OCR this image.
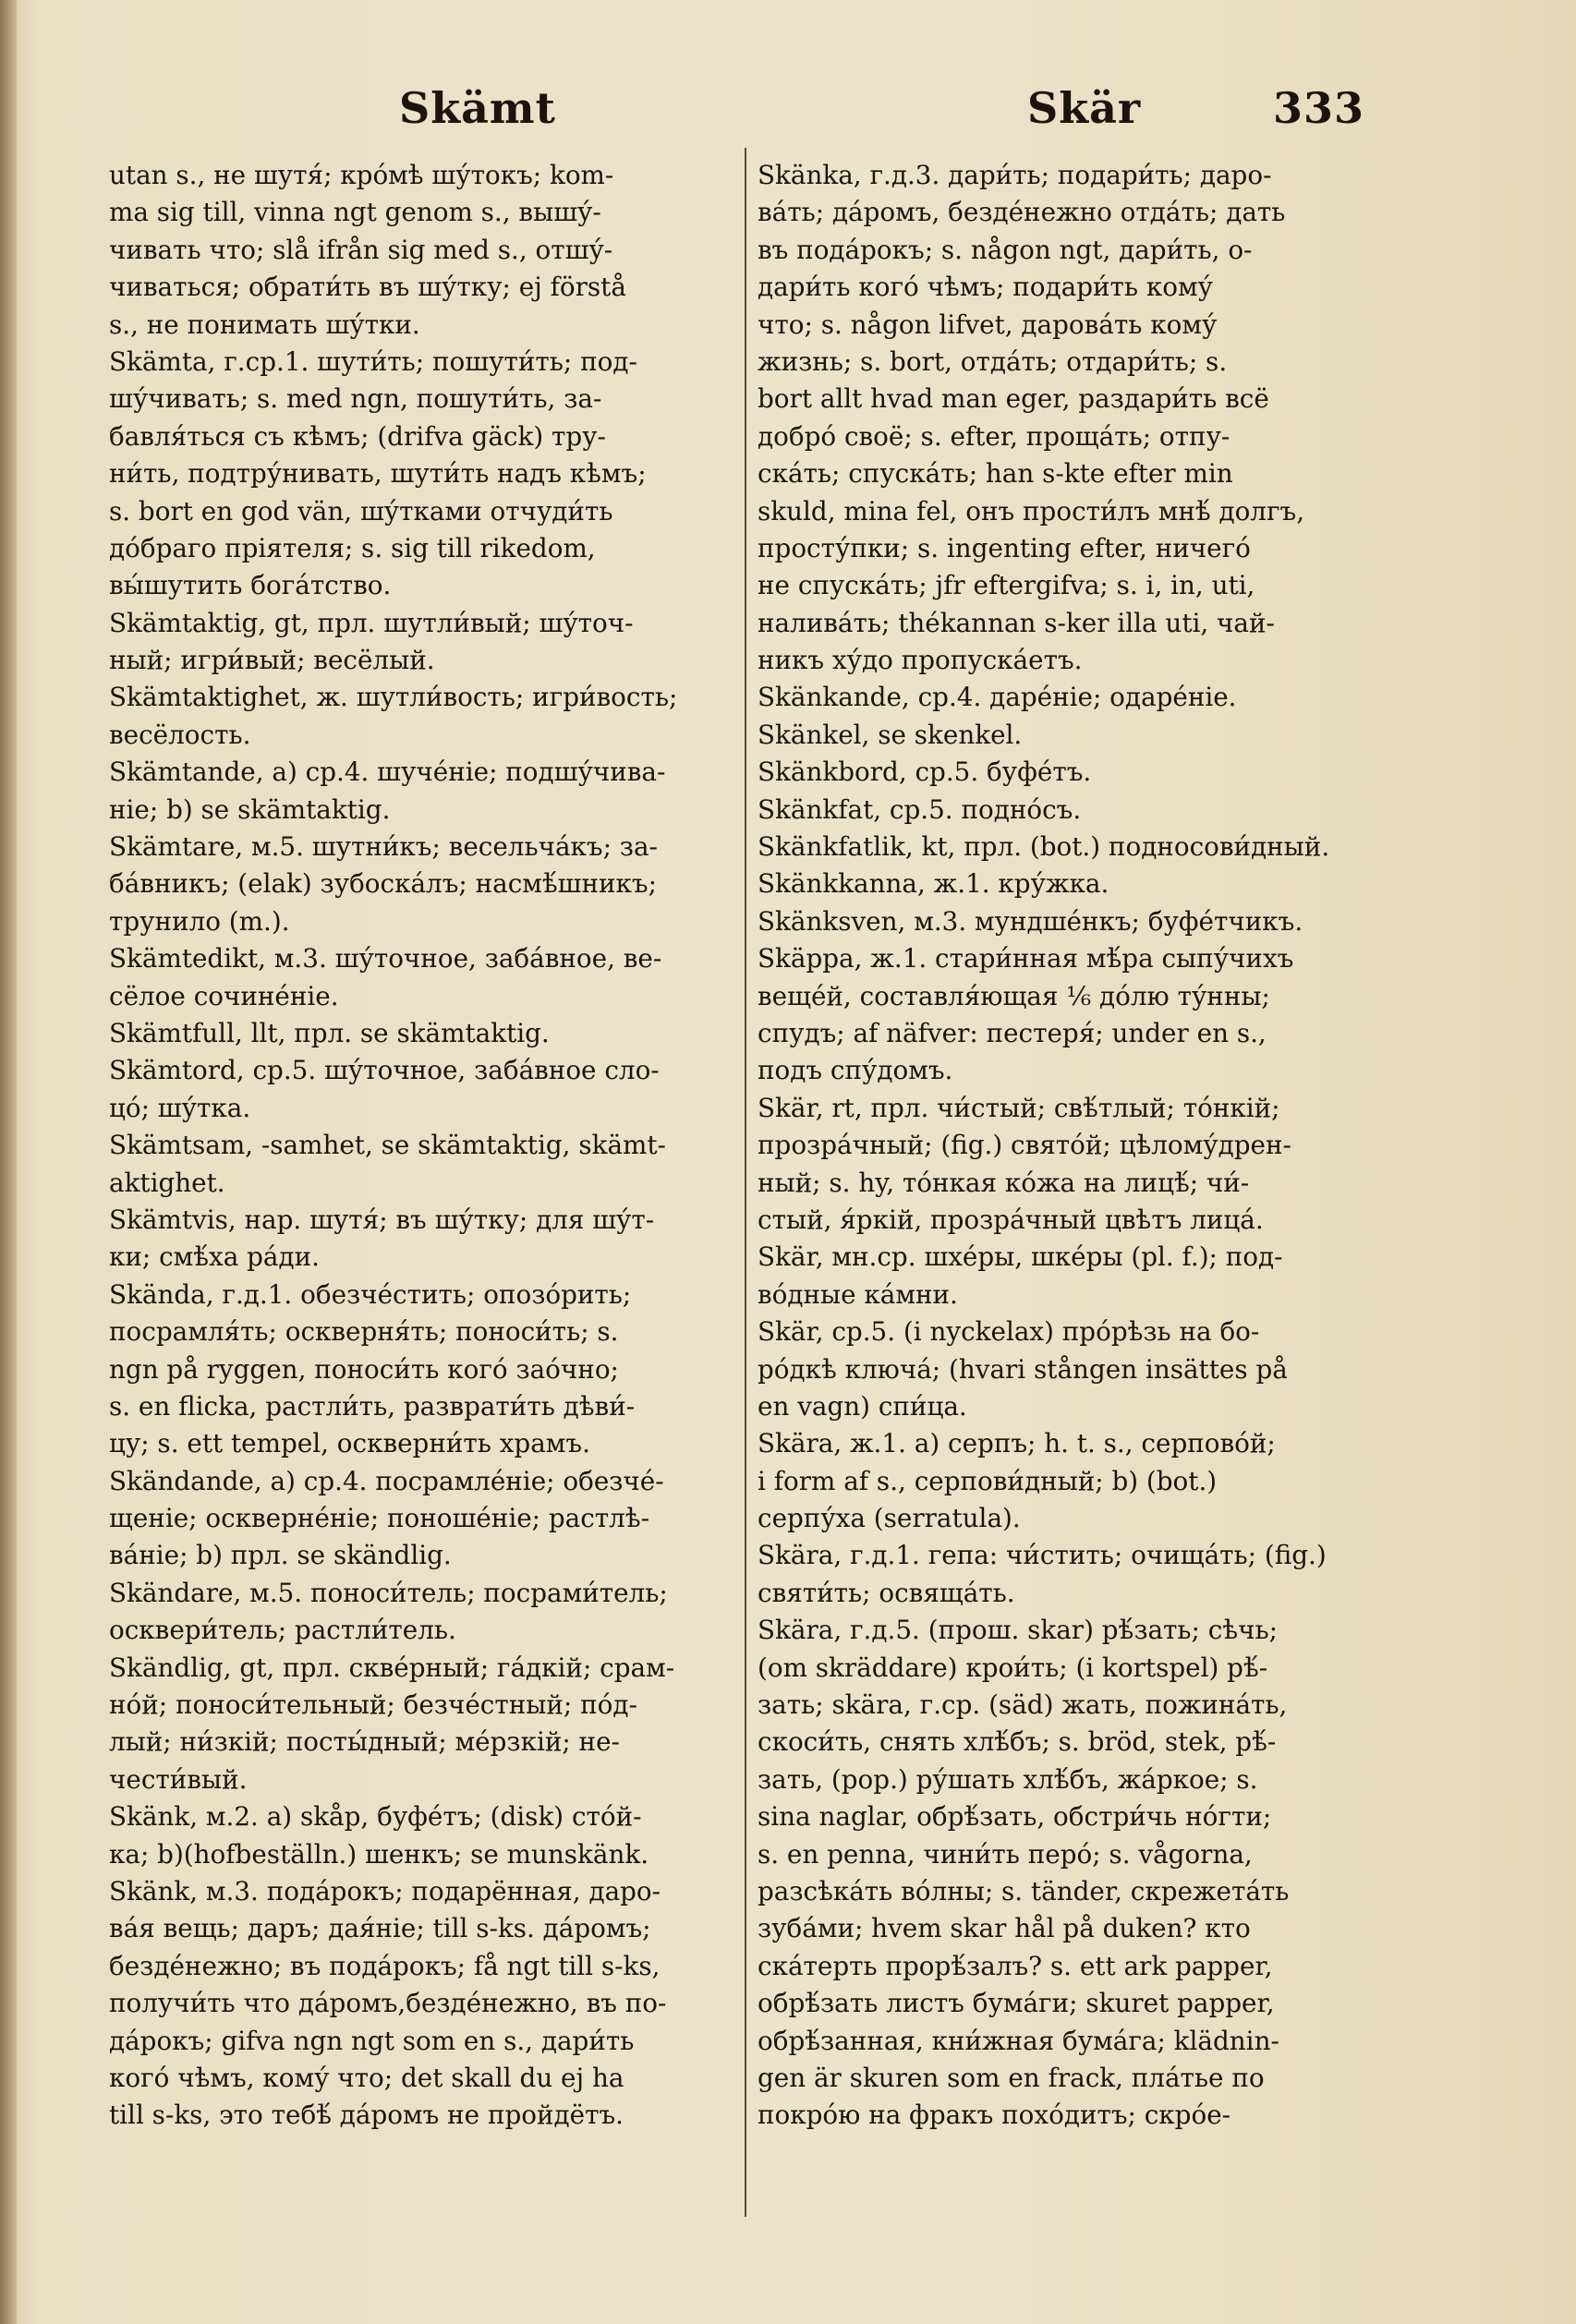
Skämt	Skär	333
utan s., не шутя́; кро́мѣ шу́токъ; kom-
ma sig till, vinna ngt genom s., вышу́-
чивать что; slå ifrån sig med s., отшу́-
чиваться; обрати́ть въ шу́тку; ej förstå
s., не понимать шу́тки.
Skämta, г.ср.1. шути́ть; пошути́ть; под-
шу́чивать; s. med ngn, пошути́ть, за-
бавля́ться съ кѣмъ; (drifva gäck) тру-
ни́ть, подтру́нивать, шути́ть надъ кѣмъ;
s. bort en god vän, шу́тками отчуди́ть
до́браго пріятеля; s. sig till rikedom,
вы́шутить бога́тство.
Skämtaktig, gt, прл. шутли́вый; шу́точ-
ный; игри́вый; весёлый.
Skämtaktighet, ж. шутли́вость; игри́вость;
весёлость.
Skämtande, a) ср.4. шуче́ніе; подшу́чива-
ніе; b) se skämtaktig.
Skämtare, м.5. шутни́къ; весельча́къ; за-
ба́вникъ; (elak) зубоска́лъ; насмѣ́шникъ;
трунило (m.).
Skämtedikt, м.3. шу́точное, заба́вное, ве-
сёлое сочине́ніе.
Skämtfull, llt, прл. se skämtaktig.
Skämtord, ср.5. шу́точное, заба́вное сло-
цо́; шу́тка.
Skämtsam, -samhet, se skämtaktig, skämt-
aktighet.
Skämtvis, нар. шутя́; въ шу́тку; для шу́т-
ки; смѣ́ха ра́ди.
Skända, г.д.1. обезче́стить; опозо́рить;
посрамля́ть; оскверня́ть; поноси́ть; s.
ngn på ryggen, поноси́ть кого́ зао́чно;
s. en flicka, растли́ть, разврати́ть дѣви́-
цу; s. ett tempel, оскверни́ть храмъ.
Skändande, a) ср.4. посрамле́ніе; обезче́-
щеніе; оскверне́ніе; поноше́ніе; растлѣ-
ва́ніе; b) прл. se skändlig.
Skändare, м.5. поноси́тель; посрами́тель;
осквери́тель; растли́тель.
Skändlig, gt, прл. скве́рный; га́дкій; срам-
но́й; поноси́тельный; безче́стный; по́д-
лый; ни́зкій; посты́дный; ме́рзкій; не-
чести́вый.
Skänk, м.2. a) skåp, буфе́тъ; (disk) сто́й-
ка; b)(hofbeställn.) шенкъ; se munskänk.
Skänk, м.3. пода́рокъ; подарённая, даро-
ва́я вещь; даръ; дая́ніе; till s-ks. да́ромъ;
безде́нежно; въ пода́рокъ; få ngt till s-ks,
получи́ть что да́ромъ,безде́нежно, въ по-
да́рокъ; gifva ngn ngt som en s., дари́ть
кого́ чѣмъ, кому́ что; det skall du ej ha
till s-ks, это тебѣ́ да́ромъ не пройдётъ.
Skänka, г.д.3. дари́ть; подари́ть; даро-
ва́ть; да́ромъ, безде́нежно отда́ть; дать
въ пода́рокъ; s. någon ngt, дари́ть, о-
дари́ть кого́ чѣмъ; подари́ть кому́
что; s. någon lifvet, дарова́ть кому́
жизнь; s. bort, отда́ть; отдари́ть; s.
bort allt hvad man eger, раздари́ть всё
добро́ своё; s. efter, проща́ть; отпу-
ска́ть; спуска́ть; han s-kte efter min
skuld, mina fel, онъ прости́лъ мнѣ́ долгъ,
просту́пки; s. ingenting efter, ничего́
не спуска́ть; jfr eftergifva; s. i, in, uti,
налива́ть; thékannan s-ker illa uti, чай-
никъ ху́до пропуска́етъ.
Skänkande, ср.4. даре́ніе; одаре́ніе.
Skänkel, se skenkel.
Skänkbord, ср.5. буфе́тъ.
Skänkfat, ср.5. подно́съ.
Skänkfatlik, kt, прл. (bot.) подносови́дный.
Skänkkanna, ж.1. кру́жка.
Skänksven, м.3. мундше́нкъ; буфе́тчикъ.
Skäppa, ж.1. стари́нная мѣ́ра сыпу́чихъ
веще́й, составля́ющая ⅙ до́лю ту́нны;
спудъ; af näfver: пестеря́; under en s.,
подъ спу́домъ.
Skär, rt, прл. чи́стый; свѣ́тлый; то́нкій;
прозра́чный; (fig.) свято́й; цѣлому́дрен-
ный; s. hy, то́нкая ко́жа на лицѣ́; чи́-
стый, я́ркій, прозра́чный цвѣтъ лица́.
Skär, мн.ср. шхе́ры, шке́ры (pl. f.); под-
во́дные ка́мни.
Skär, ср.5. (i nyckelax) про́рѣзь на бо-
ро́дкѣ ключа́; (hvari stången insättes på
en vagn) спи́ца.
Skära, ж.1. a) серпъ; h. t. s., серпово́й;
i form af s., серпови́дный; b) (bot.)
серпу́ха (serratula).
Skära, г.д.1. гепа: чи́стить; очища́ть; (fig.)
святи́ть; освяща́ть.
Skära, г.д.5. (прош. skar) рѣ́зать; сѣчь;
(om skräddare) крои́ть; (i kortspel) рѣ́-
зать; skära, г.ср. (säd) жать, пожина́ть,
скоси́ть, снять хлѣ́бъ; s. bröd, stek, рѣ́-
зать, (pop.) ру́шать хлѣ́бъ, жа́ркое; s.
sina naglar, обрѣ́зать, обстри́чь но́гти;
s. en penna, чини́ть перо́; s. vågorna,
разсѣка́ть во́лны; s. tänder, скрежета́ть
зуба́ми; hvem skar hål på duken? кто
ска́терть прорѣ́залъ? s. ett ark papper,
обрѣ́зать листъ бума́ги; skuret papper,
обрѣ́занная, кни́жная бума́га; klädnin-
gen är skuren som en frack, пла́тье по
покро́ю на фракъ похо́дитъ; скро́е-
